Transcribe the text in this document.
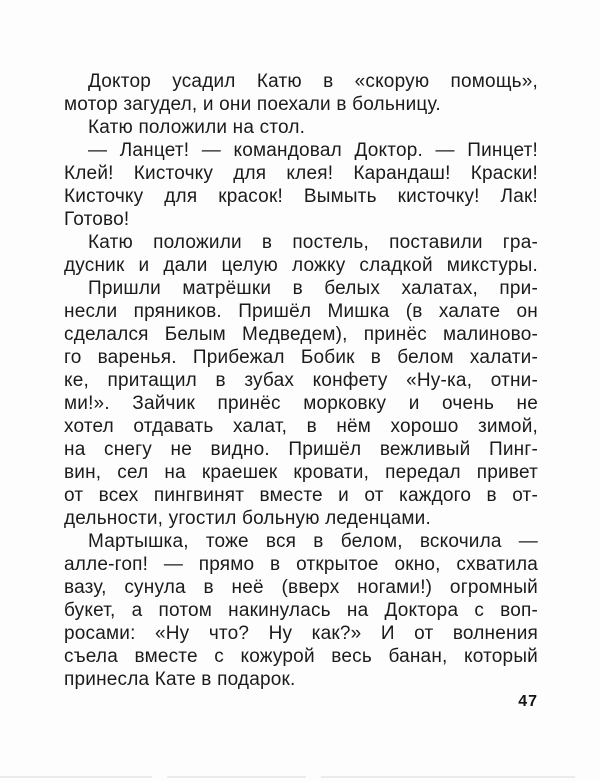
Доктор усадил Катю в «скорую помощь»,
мотор загудел, и они поехали в больницу.
Катю положили на стол.
— Ланцет! — командовал Доктор. — Пинцет!
Клей! Кисточку для клея! Карандаш! Краски!
Кисточку для красок! Вымыть кисточку! Лак!
Готово!
Катю положили в постель, поставили гра-
дусник и дали целую ложку сладкой микстуры.
Пришли матрёшки в белых халатах, при-
несли пряников. Пришёл Мишка (в халате он
сделался Белым Медведем), принёс малиново-
го варенья. Прибежал Бобик в белом халати-
ке, притащил в зубах конфету «Ну-ка, отни-
ми!». Зайчик принёс морковку и очень не
хотел отдавать халат, в нём хорошо зимой,
на снегу не видно. Пришёл вежливый Пинг-
вин, сел на краешек кровати, передал привет
от всех пингвинят вместе и от каждого в от-
дельности, угостил больную леденцами.
Мартышка, тоже вся в белом, вскочила —
алле-гоп! — прямо в открытое окно, схватила
вазу, сунула в неё (вверх ногами!) огромный
букет, а потом накинулась на Доктора с воп-
росами: «Ну что? Ну как?» И от волнения
съела вместе с кожурой весь банан, который
принесла Кате в подарок.
47
